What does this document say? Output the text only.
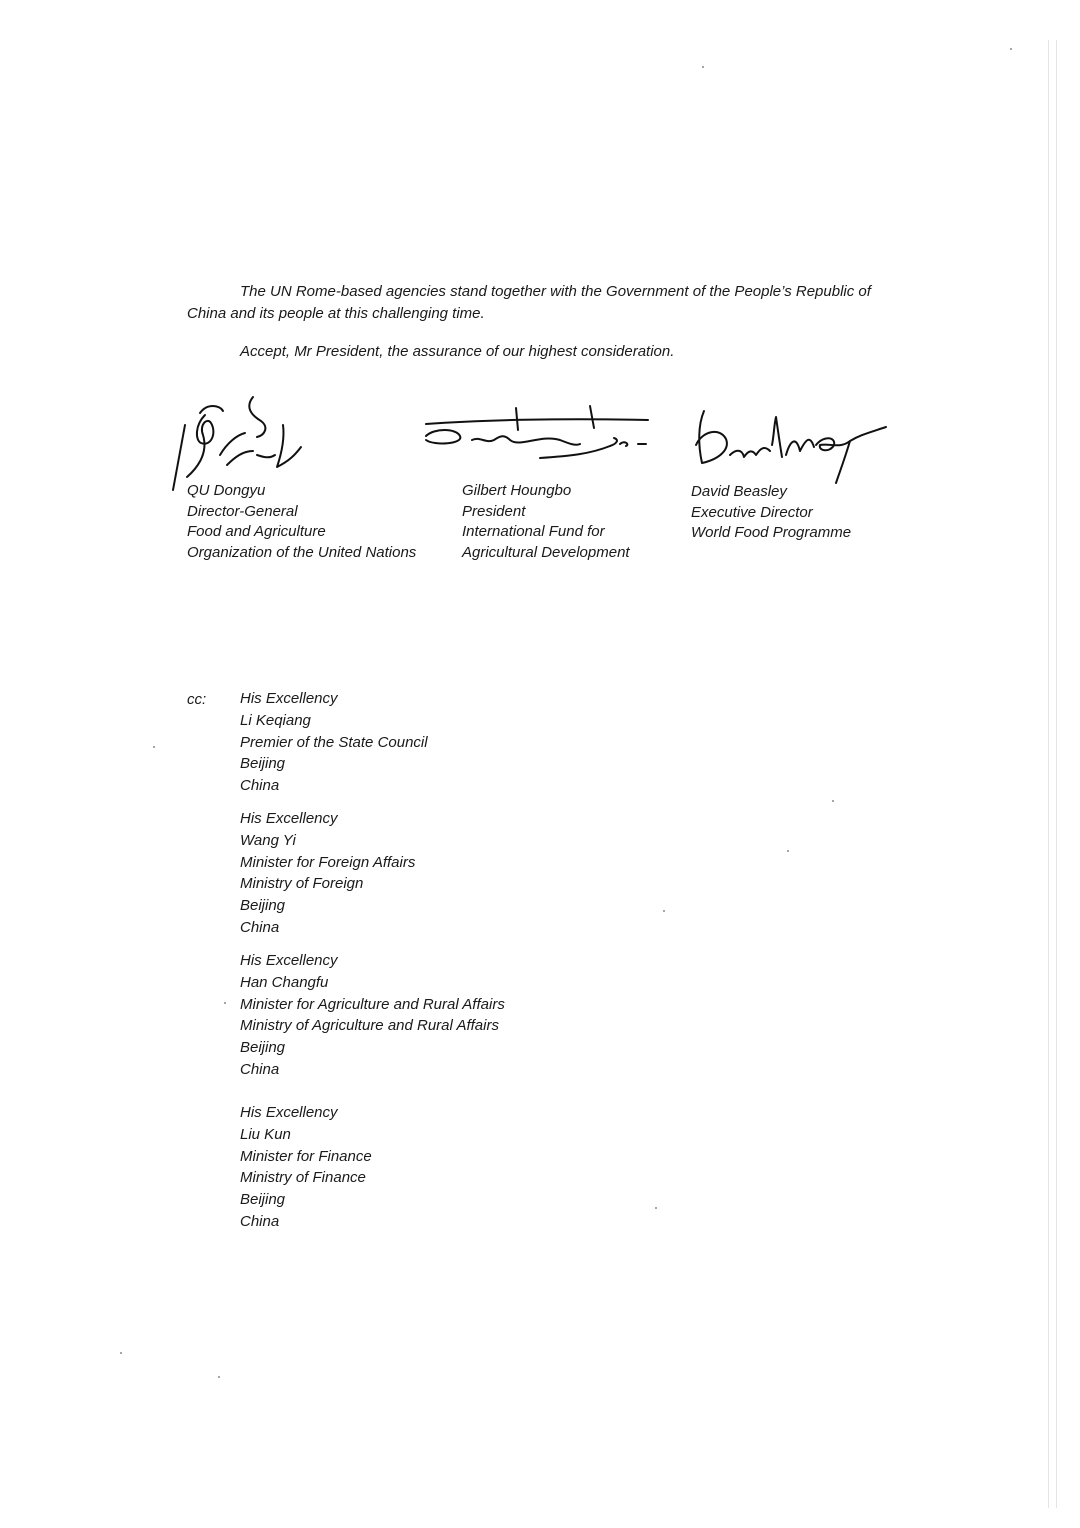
The UN Rome-based agencies stand together with the Government of the People’s Republic of China and its people at this challenging time.

Accept, Mr President, the assurance of our highest consideration.

QU Dongyu
Director-General
Food and Agriculture
Organization of the United Nations
Gilbert Houngbo
President
International Fund for
Agricultural Development
David Beasley
Executive Director
World Food Programme
cc: His Excellency
Li Keqiang
Premier of the State Council
Beijing
China
His Excellency
Wang Yi
Minister for Foreign Affairs
Ministry of Foreign
Beijing
China
His Excellency
Han Changfu
Minister for Agriculture and Rural Affairs
Ministry of Agriculture and Rural Affairs
Beijing
China
His Excellency
Liu Kun
Minister for Finance
Ministry of Finance
Beijing
China
